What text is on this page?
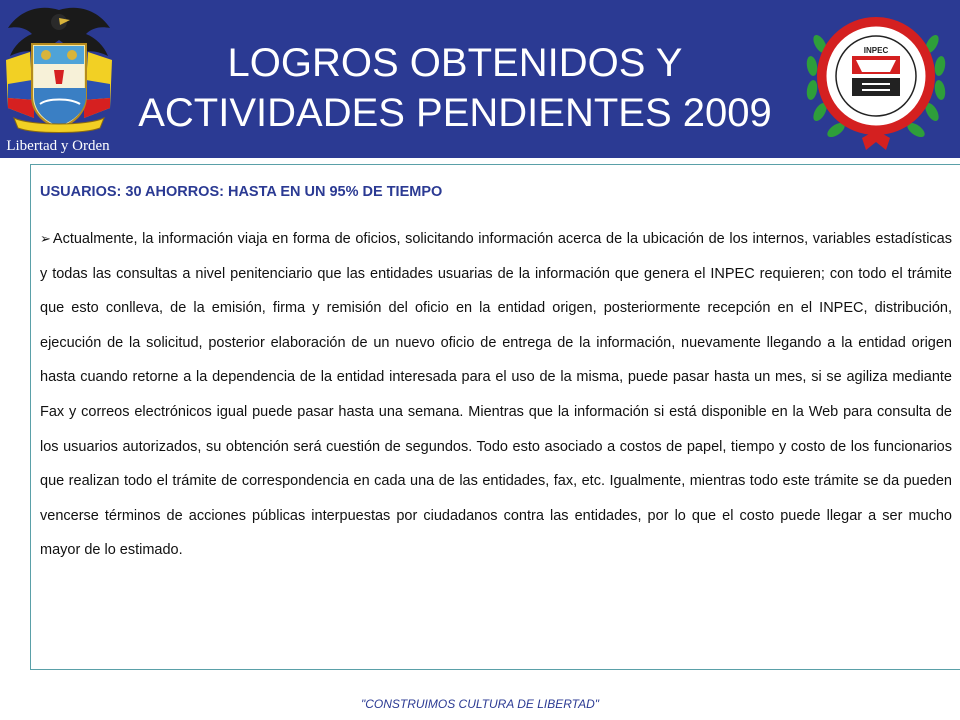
Libertad y Orden
LOGROS OBTENIDOS Y
ACTIVIDADES PENDIENTES 2009
INPEC
USUARIOS: 30 AHORROS: HASTA EN UN 95% DE TIEMPO

➢ Actualmente, la información viaja en forma de oficios, solicitando información acerca de la ubicación de los internos, variables estadísticas y todas las consultas a nivel penitenciario que las entidades usuarias de la información que genera el INPEC requieren; con todo el trámite que esto conlleva, de la emisión, firma y remisión del oficio en la entidad origen, posteriormente recepción en el INPEC, distribución, ejecución de la solicitud, posterior elaboración de un nuevo oficio de entrega de la información, nuevamente llegando a la entidad origen hasta cuando retorne a la dependencia de la entidad interesada para el uso de la misma, puede pasar hasta un mes, si se agiliza mediante Fax y correos electrónicos igual puede pasar hasta una semana. Mientras que la información si está disponible en la Web para consulta de los usuarios autorizados, su obtención será cuestión de segundos. Todo esto asociado a costos de papel, tiempo y costo de los funcionarios que realizan todo el trámite de correspondencia en cada una de las entidades, fax, etc. Igualmente, mientras todo este trámite se da pueden vencerse términos de acciones públicas interpuestas por ciudadanos contra las entidades, por lo que el costo puede llegar a ser mucho mayor de lo estimado.

"CONSTRUIMOS CULTURA DE LIBERTAD"
